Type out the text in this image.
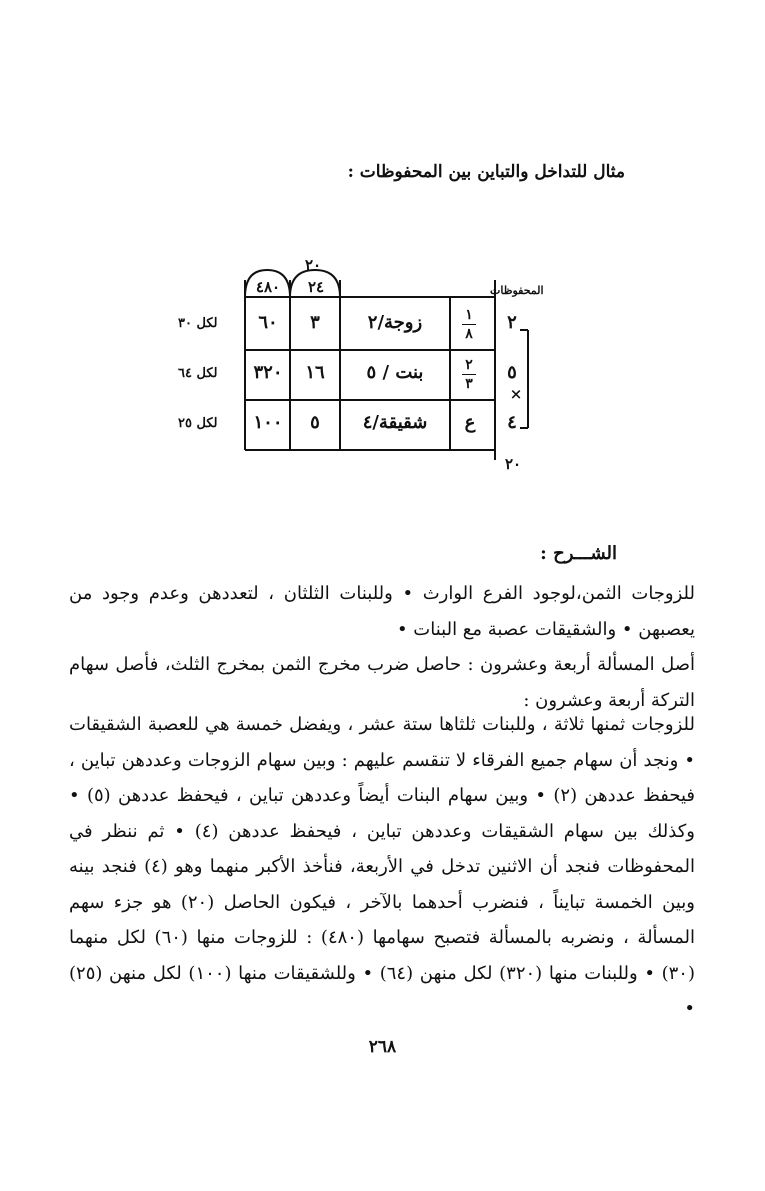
مثال للتداخل والتباين بين المحفوظات :
٢٠
٢٠
المحفوظات
٢٤
٤٨٠
×
٢
١
٨
زوجة/٢
٣
٦٠
لكل ٣٠
٥
٢
٣
بنت / ٥
١٦
٣٢٠
لكل ٦٤
٤
ع
شقيقة/٤
٥
١٠٠
لكل ٢٥
الشـــرح :
للزوجات الثمن،لوجود الفرع الوارث • وللبنات الثلثان ، لتعددهن وعدم وجود من يعصبهن • والشقيقات عصبة مع البنات •
أصل المسألة أربعة وعشرون : حاصل ضرب مخرج الثمن بمخرج الثلث، فأصل سهام التركة أربعة وعشرون :
للزوجات ثمنها ثلاثة ، وللبنات ثلثاها ستة عشر ، ويفضل خمسة هي للعصبة الشقيقات • ونجد أن سهام جميع الفرقاء لا تنقسم عليهم : وبين سهام الزوجات وعددهن تباين ، فيحفظ عددهن (٢) • وبين سهام البنات أيضاً وعددهن تباين ، فيحفظ عددهن (٥) • وكذلك بين سهام الشقيقات وعددهن تباين ، فيحفظ عددهن (٤) • ثم ننظر في المحفوظات فنجد أن الاثنين تدخل في الأربعة، فنأخذ الأكبر منهما وهو (٤) فنجد بينه وبين الخمسة تبايناً ، فنضرب أحدهما بالآخر ، فيكون الحاصل (٢٠) هو جزء سهم المسألة ، ونضربه بالمسألة فتصبح سهامها (٤٨٠) : للزوجات منها (٦٠) لكل منهما (٣٠) • وللبنات منها (٣٢٠) لكل منهن (٦٤) • وللشقيقات منها (١٠٠) لكل منهن (٢٥) •
٢٦٨
